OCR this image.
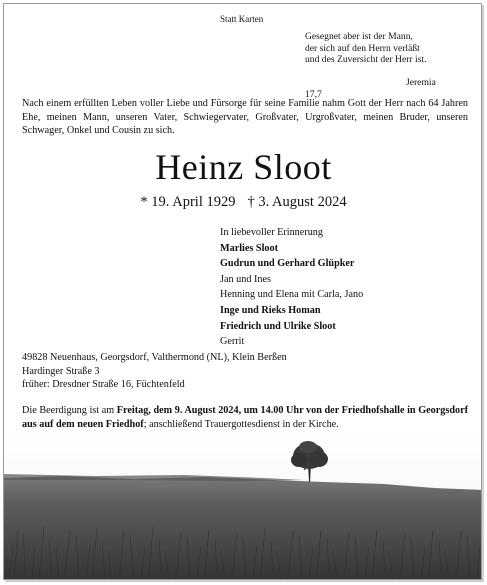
Statt Karten
Gesegnet aber ist der Mann,
der sich auf den Herrn verläßt
und des Zuversicht der Herr ist.
Jeremia
17,7
Nach einem erfüllten Leben voller Liebe und Fürsorge für seine Familie nahm Gott der Herr nach 64 Jahren Ehe, meinen Mann, unseren Vater, Schwiegervater, Großvater, Urgroßvater, meinen Bruder, unseren Schwager, Onkel und Cousin zu sich.
Heinz Sloot
* 19. April 1929 † 3. August 2024
In liebevoller Erinnerung
Marlies Sloot
Gudrun und Gerhard Glüpker
Jan und Ines
Henning und Elena mit Carla, Jano
Inge und Rieks Homan
Friedrich und Ulrike Sloot
Gerrit
49828 Neuenhaus, Georgsdorf, Valthermond (NL), Klein Berßen
Hardinger Straße 3
früher: Dresdner Straße 16, Füchtenfeld
Die Beerdigung ist am Freitag, dem 9. August 2024, um 14.00 Uhr von der Friedhofshalle in Georgsdorf aus auf dem neuen Friedhof; anschließend Trauergottesdienst in der Kirche.
